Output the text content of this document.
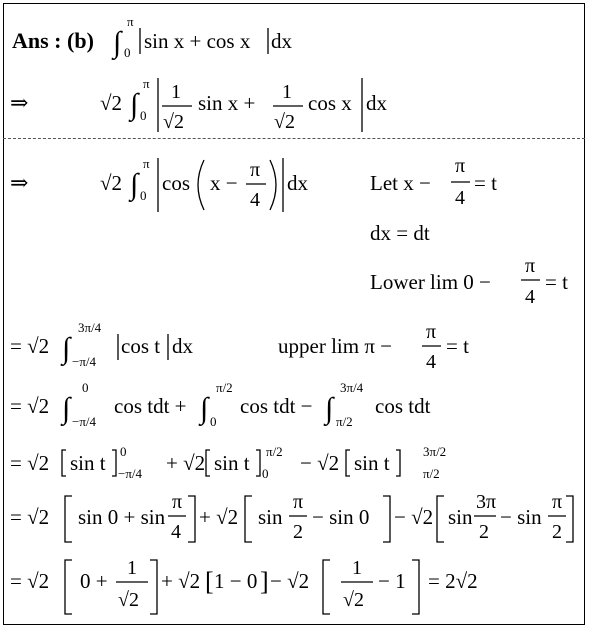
Ans : (b) ∫
π
0 sin x + cos x dx
⇒	√2 ∫
π
0
1
√2
sin x + 1
√2
cos x dx
⇒	√2 ∫
π
0
cos x −
π
4
dx	Let x −
π
4
= t
dx = dt
Lower lim 0 −
π
4
= t
= √2 ∫
3π/4
−π/4
cos t dx	upper lim π −
π
4
= t
= √2 ∫
0
−π/4
cos tdt + ∫
π/2
0
cos tdt − ∫
3π/4
π/2
cos tdt
= √2 sin t 0
−π/4 + √2 sin t π/2
0 − √2 sin t	3π/2
π/2
= √2 sin 0 + sin
π
4
+ √2 sin
π
2
− sin 0 − √2 sin
3π
2
− sin
π
2
= √2 0 +
1
√2
+ √2 [ 1 − 0 ] − √2
1
√2
− 1 = 2√2
